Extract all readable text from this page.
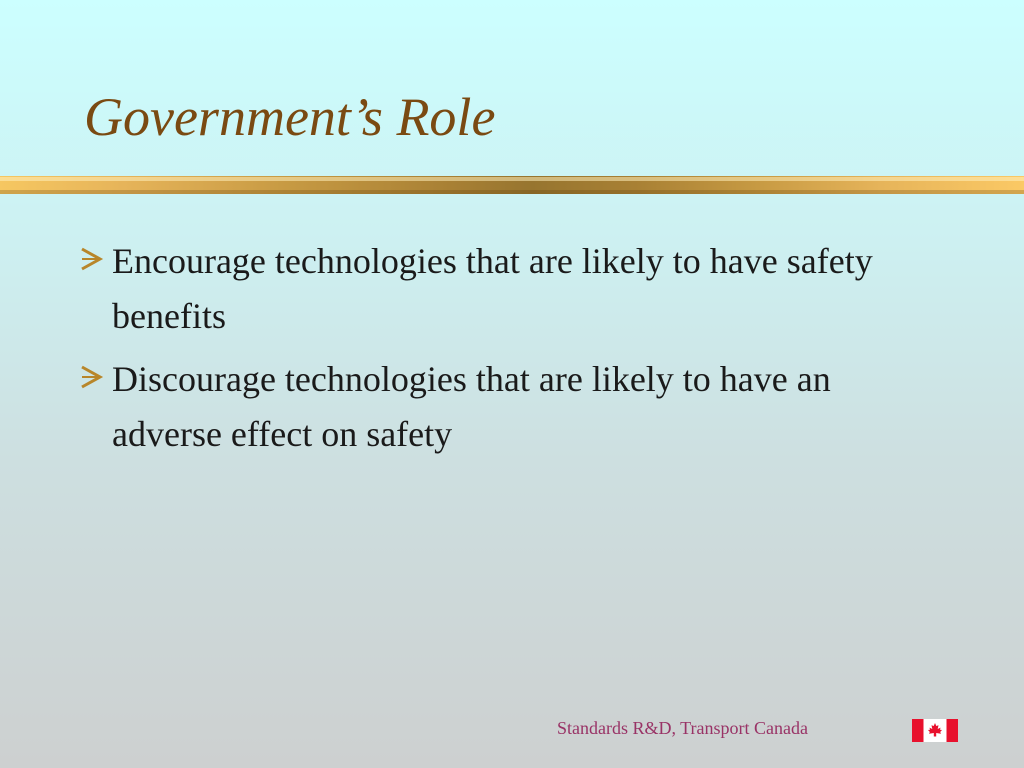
Government’s Role
Encourage technologies that are likely to have safety benefits
Discourage technologies that are likely to have an adverse effect on safety
Standards R&D, Transport Canada
